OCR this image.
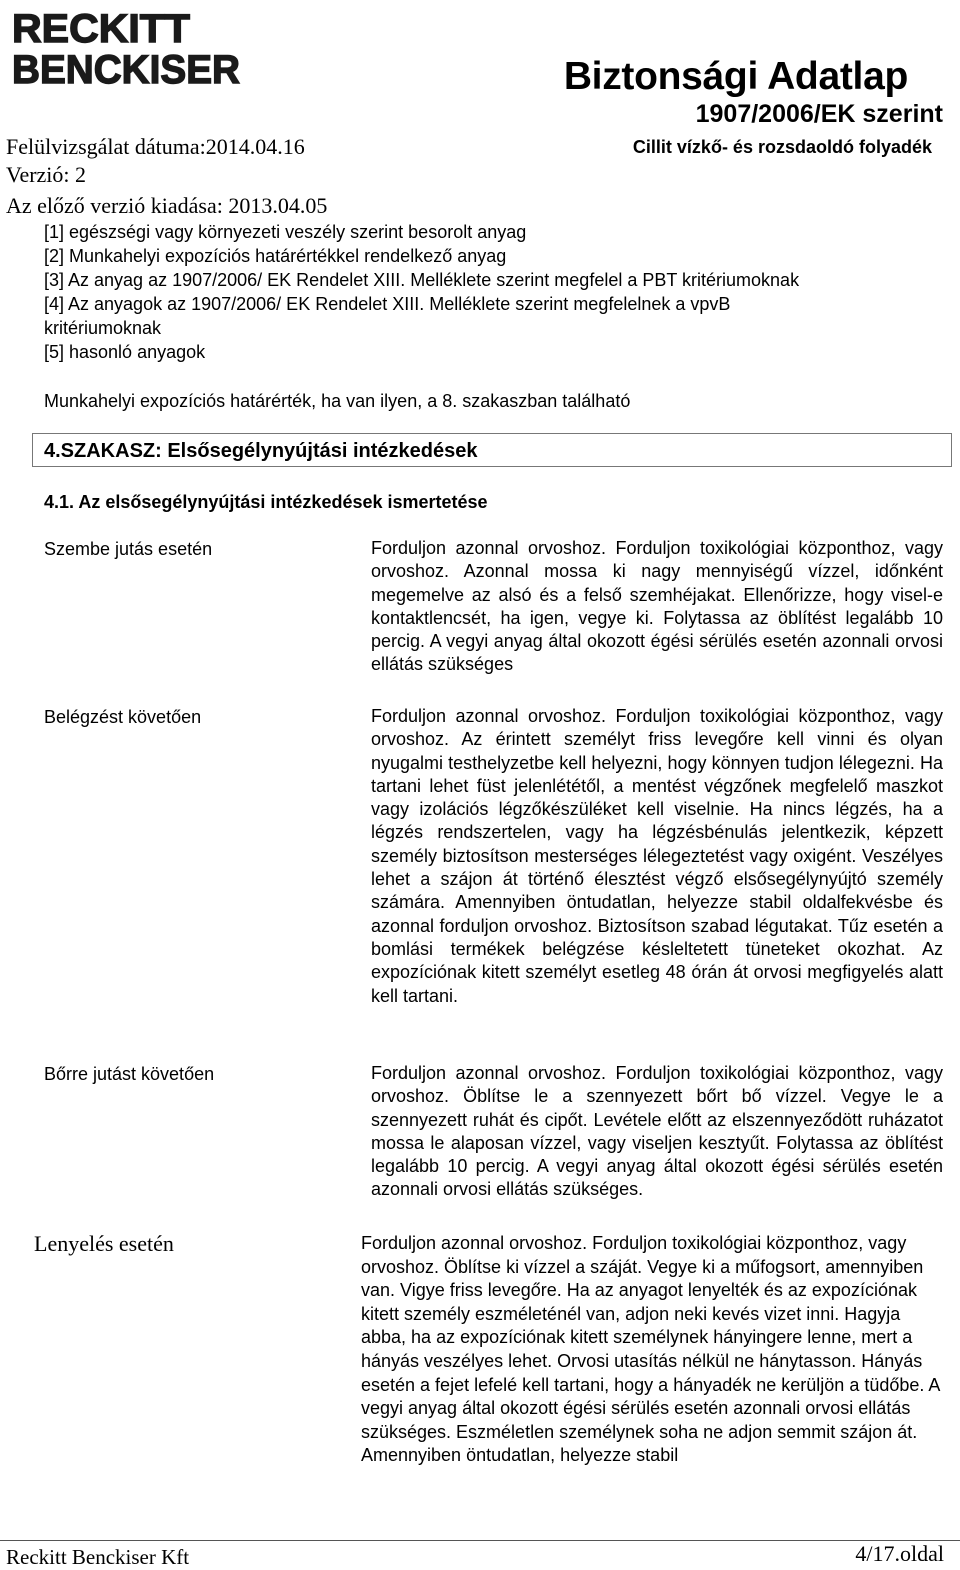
RECKITT
BENCKISER	Biztonsági Adatlap
1907/2006/EK szerint
Cillit vízkő- és rozsdaoldó folyadék
Felülvizsgálat dátuma:2014.04.16
Verzió: 2
Az előző verzió kiadása: 2013.04.05
[1] egészségi vagy környezeti veszély szerint besorolt anyag
[2] Munkahelyi expozíciós határértékkel rendelkező anyag
[3] Az anyag az 1907/2006/ EK Rendelet XIII. Melléklete szerint megfelel a PBT kritériumoknak
[4] Az anyagok az 1907/2006/ EK Rendelet XIII. Melléklete szerint megfelelnek a vpvB
kritériumoknak
[5] hasonló anyagok
Munkahelyi expozíciós határérték, ha van ilyen, a 8. szakaszban található
4.SZAKASZ: Elsősegélynyújtási intézkedések
4.1. Az elsősegélynyújtási intézkedések ismertetése
Szembe jutás esetén	Forduljon azonnal orvoshoz. Forduljon toxikológiai központhoz, vagy orvoshoz. Azonnal mossa ki nagy mennyiségű vízzel, időnként megemelve az alsó és a felső szemhéjakat. Ellenőrizze, hogy visel-e kontaktlencsét, ha igen, vegye ki. Folytassa az öblítést legalább 10 percig. A vegyi anyag által okozott égési sérülés esetén azonnali orvosi ellátás szükséges
Belégzést követően	Forduljon azonnal orvoshoz. Forduljon toxikológiai központhoz, vagy orvoshoz. Az érintett személyt friss levegőre kell vinni és olyan nyugalmi testhelyzetbe kell helyezni, hogy könnyen tudjon lélegezni. Ha tartani lehet füst jelenlététől, a mentést végzőnek megfelelő maszkot vagy izolációs légzőkészüléket kell viselnie. Ha nincs légzés, ha a légzés rendszertelen, vagy ha légzésbénulás jelentkezik, képzett személy biztosítson mesterséges lélegeztetést vagy oxigént. Veszélyes lehet a szájon át történő élesztést végző elsősegélynyújtó személy számára. Amennyiben öntudatlan, helyezze stabil oldalfekvésbe és azonnal forduljon orvoshoz. Biztosítson szabad légutakat. Tűz esetén a bomlási termékek belégzése késleltetett tüneteket okozhat. Az expozíciónak kitett személyt esetleg 48 órán át orvosi megfigyelés alatt kell tartani.
Bőrre jutást követően	Forduljon azonnal orvoshoz. Forduljon toxikológiai központhoz, vagy orvoshoz. Öblítse le a szennyezett bőrt bő vízzel. Vegye le a szennyezett ruhát és cipőt. Levétele előtt az elszennyeződött ruházatot mossa le alaposan vízzel, vagy viseljen kesztyűt. Folytassa az öblítést legalább 10 percig. A vegyi anyag által okozott égési sérülés esetén azonnali orvosi ellátás szükséges.
Lenyelés esetén	Forduljon azonnal orvoshoz. Forduljon toxikológiai központhoz, vagy orvoshoz. Öblítse ki vízzel a száját. Vegye ki a műfogsort, amennyiben van. Vigye friss levegőre. Ha az anyagot lenyelték és az expozíciónak kitett személy eszméleténél van, adjon neki kevés vizet inni. Hagyja abba, ha az expozíciónak kitett személynek hányingere lenne, mert a hányás veszélyes lehet. Orvosi utasítás nélkül ne hánytasson. Hányás esetén a fejet lefelé kell tartani, hogy a hányadék ne kerüljön a tüdőbe. A vegyi anyag által okozott égési sérülés esetén azonnali orvosi ellátás szükséges. Eszméletlen személynek soha ne adjon semmit szájon át. Amennyiben öntudatlan, helyezze stabil
Reckitt Benckiser Kft	4/17.oldal
